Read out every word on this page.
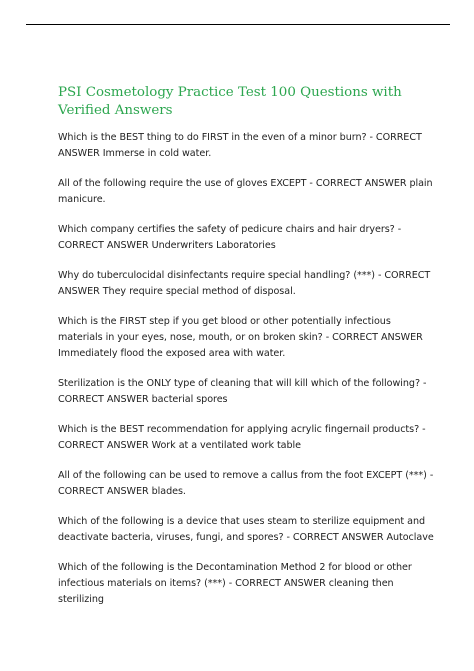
PSI Cosmetology Practice Test 100 Questions with Verified Answers

Which is the BEST thing to do FIRST in the even of a minor burn? - CORRECT ANSWER Immerse in cold water.

All of the following require the use of gloves EXCEPT - CORRECT ANSWER plain manicure.

Which company certifies the safety of pedicure chairs and hair dryers? - CORRECT ANSWER Underwriters Laboratories

Why do tuberculocidal disinfectants require special handling? (***) - CORRECT ANSWER They require special method of disposal.

Which is the FIRST step if you get blood or other potentially infectious materials in your eyes, nose, mouth, or on broken skin? - CORRECT ANSWER Immediately flood the exposed area with water.

Sterilization is the ONLY type of cleaning that will kill which of the following? - CORRECT ANSWER bacterial spores

Which is the BEST recommendation for applying acrylic fingernail products? - CORRECT ANSWER Work at a ventilated work table

All of the following can be used to remove a callus from the foot EXCEPT (***) - CORRECT ANSWER blades.

Which of the following is a device that uses steam to sterilize equipment and deactivate bacteria, viruses, fungi, and spores? - CORRECT ANSWER Autoclave

Which of the following is the Decontamination Method 2 for blood or other infectious materials on items? (***) - CORRECT ANSWER cleaning then sterilizing
